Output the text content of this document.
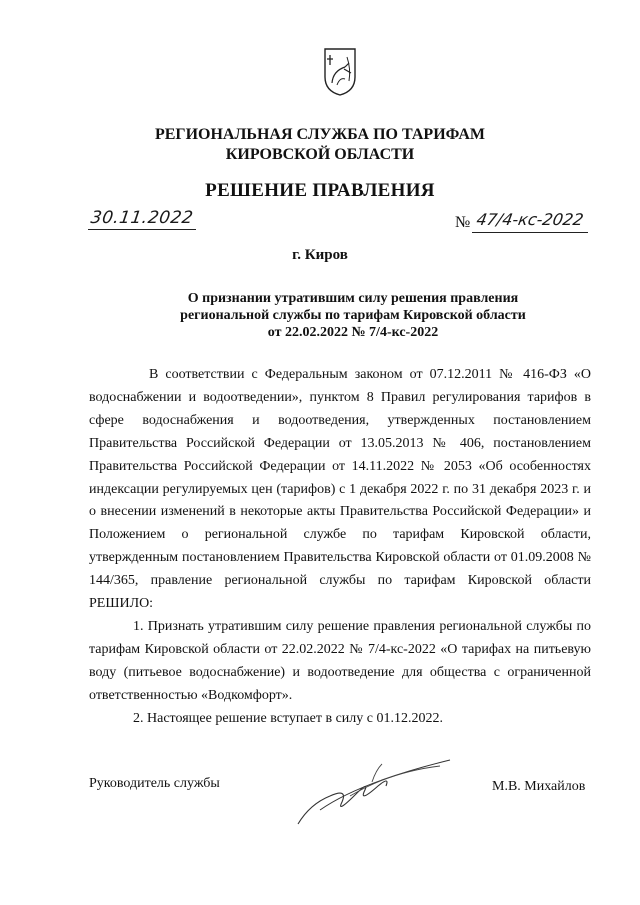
РЕГИОНАЛЬНАЯ СЛУЖБА ПО ТАРИФАМ
КИРОВСКОЙ ОБЛАСТИ
РЕШЕНИЕ ПРАВЛЕНИЯ
30.11.2022	№ 47/4-кс-2022
г. Киров
О признании утратившим силу решения правления
региональной службы по тарифам Кировской области
от 22.02.2022 № 7/4-кс-2022

В соответствии с Федеральным законом от 07.12.2011 № 416-ФЗ «О водоснабжении и водоотведении», пунктом 8 Правил регулирования тарифов в сфере водоснабжения и водоотведения, утвержденных постановлением Правительства Российской Федерации от 13.05.2013 № 406, постановлением Правительства Российской Федерации от 14.11.2022 № 2053 «Об особенностях индексации регулируемых цен (тарифов) с 1 декабря 2022 г. по 31 декабря 2023 г. и о внесении изменений в некоторые акты Правительства Российской Федерации» и Положением о региональной службе по тарифам Кировской области, утвержденным постановлением Правительства Кировской области от 01.09.2008 № 144/365, правление региональной службы по тарифам Кировской области РЕШИЛО:

1. Признать утратившим силу решение правления региональной службы по тарифам Кировской области от 22.02.2022 № 7/4-кс-2022 «О тарифах на питьевую воду (питьевое водоснабжение) и водоотведение для общества с ограниченной ответственностью «Водкомфорт».

2. Настоящее решение вступает в силу с 01.12.2022.

Руководитель службы	М.В. Михайлов
